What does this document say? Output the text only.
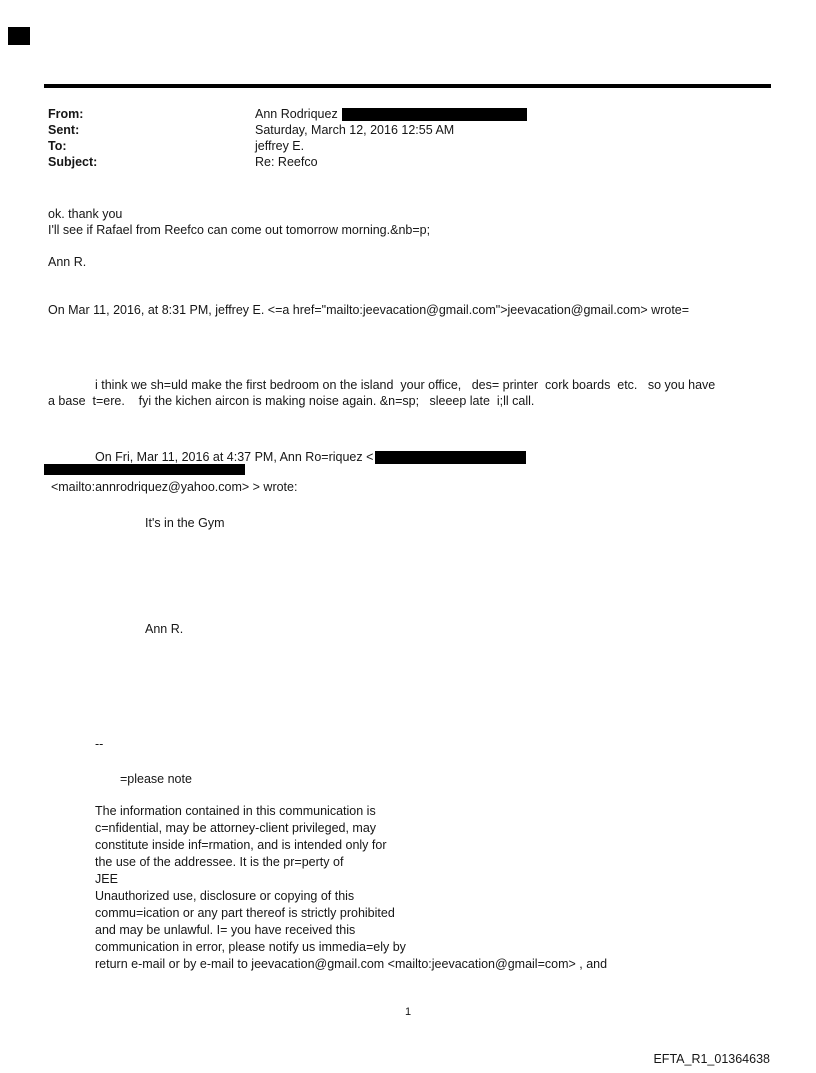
From:	Ann Rodriquez
Sent:	Saturday, March 12, 2016 12:55 AM
To:	jeffrey E.
Subject:	Re: Reefco
ok. thank you
I'll see if Rafael from Reefco can come out tomorrow morning.&nb=p;
Ann R.
On Mar 11, 2016, at 8:31 PM, jeffrey E. <=a href="mailto:jeevacation@gmail.com">jeevacation@gmail.com> wrote=
i think we sh=uld make the first bedroom on the island  your office,   des= printer  cork boards  etc.   so you have
a base  t=ere.    fyi the kichen aircon is making noise again. &n=sp;   sleeep late  i;ll call.
On Fri, Mar 11, 2016 at 4:37 PM, Ann Ro=riquez <

<mailto:annrodriquez@yahoo.com> > wrote:

It's in the Gym
Ann R.
--
=please note
The information contained in this communication is
c=nfidential, may be attorney-client privileged, may
constitute inside inf=rmation, and is intended only for
the use of the addressee. It is the pr=perty of
JEE
Unauthorized use, disclosure or copying of this
commu=ication or any part thereof is strictly prohibited
and may be unlawful. I= you have received this
communication in error, please notify us immedia=ely by
return e-mail or by e-mail to jeevacation@gmail.com <mailto:jeevacation@gmail=com> , and
1
EFTA_R1_01364638
